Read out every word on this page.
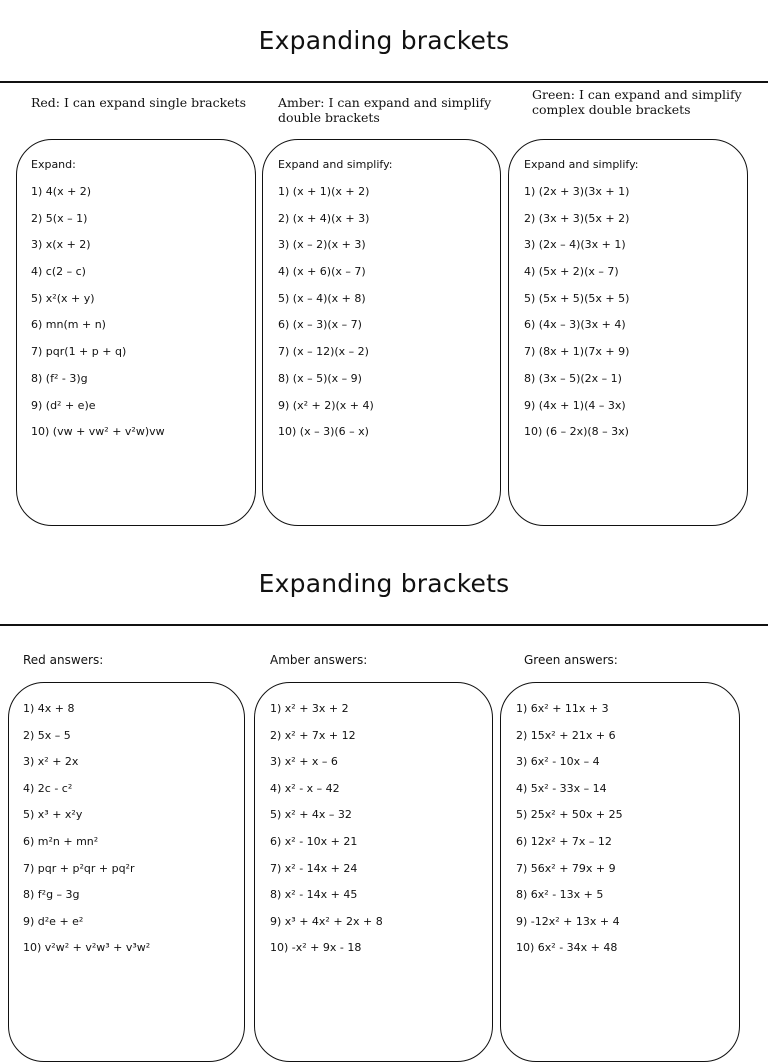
Expanding brackets
Red: I can expand single brackets	Amber: I can expand and simplify double brackets
Green: I can expand and simplify complex double brackets
Expand:
1) 4(x + 2)
2) 5(x – 1)
3) x(x + 2)
4) c(2 – c)
5) x²(x + y)
6) mn(m + n)
7) pqr(1 + p + q)
8) (f² - 3)g
9) (d² + e)e
10) (vw + vw² + v²w)vw
Expand and simplify:
1) (x + 1)(x + 2)
2) (x + 4)(x + 3)
3) (x – 2)(x + 3)
4) (x + 6)(x – 7)
5) (x – 4)(x + 8)
6) (x – 3)(x – 7)
7) (x – 12)(x – 2)
8) (x – 5)(x – 9)
9) (x² + 2)(x + 4)
10) (x – 3)(6 – x)
Expand and simplify:
1) (2x + 3)(3x + 1)
2) (3x + 3)(5x + 2)
3) (2x – 4)(3x + 1)
4) (5x + 2)(x – 7)
5) (5x + 5)(5x + 5)
6) (4x – 3)(3x + 4)
7) (8x + 1)(7x + 9)
8) (3x – 5)(2x – 1)
9) (4x + 1)(4 – 3x)
10) (6 – 2x)(8 – 3x)
Expanding brackets
Red answers:	Amber answers:	Green answers:
1) 4x + 8
2) 5x – 5
3) x² + 2x
4) 2c - c²
5) x³ + x²y
6) m²n + mn²
7) pqr + p²qr + pq²r
8) f²g – 3g
9) d²e + e²
10) v²w² + v²w³ + v³w²
1) x² + 3x + 2
2) x² + 7x + 12
3) x² + x – 6
4) x² - x – 42
5) x² + 4x – 32
6) x² - 10x + 21
7) x² - 14x + 24
8) x² - 14x + 45
9) x³ + 4x² + 2x + 8
10) -x² + 9x - 18
1) 6x² + 11x + 3
2) 15x² + 21x + 6
3) 6x² - 10x – 4
4) 5x² - 33x – 14
5) 25x² + 50x + 25
6) 12x² + 7x – 12
7) 56x² + 79x + 9
8) 6x² - 13x + 5
9) -12x² + 13x + 4
10) 6x² - 34x + 48
